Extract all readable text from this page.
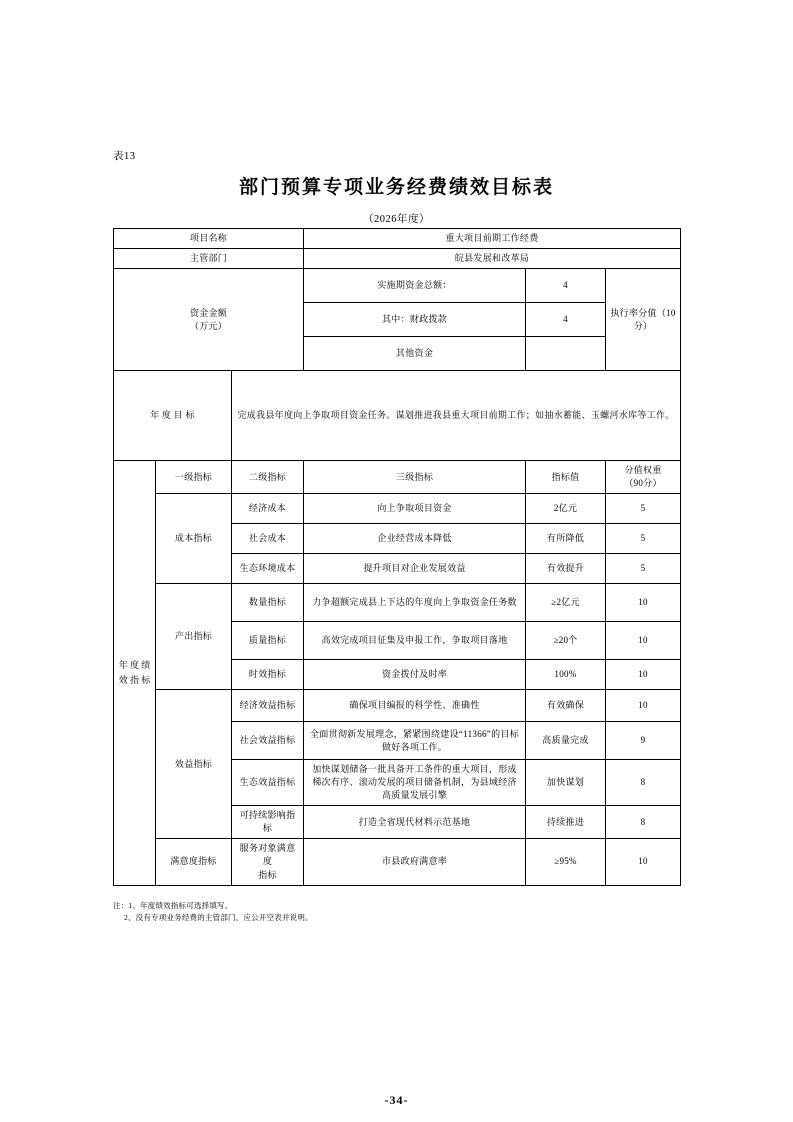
表13
部门预算专项业务经费绩效目标表
（2026年度）
项目名称			重大项目前期工作经费		
主管部门			皖县发展和改革局		

资金金额
（万元）			实施期资金总额：	4	执行率分值（10分）
			其中：财政拨款	4	
			其他资金		
年 度 目 标		完成我县年度向上争取项目资金任务。谋划推进我县重大项目前期工作；如抽水蓄能、玉螺河水库等工作。			
年 度 绩 效 指 标	一级指标	二级指标	三级指标	指标值	分值权重
（90分）

	成本指标	经济成本	向上争取项目资金	2亿元	5
		社会成本	企业经营成本降低	有所降低	5
		生态环境成本	提升项目对企业发展效益	有效提升	5
	产出指标	数量指标	力争超额完成县上下达的年度向上争取资金任务数	≥2亿元	10
		质量指标	高效完成项目征集及申报工作，争取项目落地	≥20个	10
		时效指标	资金拨付及时率	100%	10
	效益指标	经济效益指标	确保项目编报的科学性、准确性	有效确保	10
		社会效益指标	全面贯彻新发展理念，紧紧围绕建设“11366”的目标做好各项工作。	高质量完成	9
		生态效益指标	加快谋划储备一批具备开工条件的重大项目，形成梯次有序、滚动发展的项目储备机制，为县域经济高质量发展引擎	加快谋划	8
		可持续影响指标	打造全省现代材料示范基地	持续推进	8
	满意度指标	服务对象满意度
指标	市县政府满意率	≥95%	10
注：1、年度绩效指标可选择填写。
2、没有专项业务经费的主管部门，应公开空表并说明。
-34-
